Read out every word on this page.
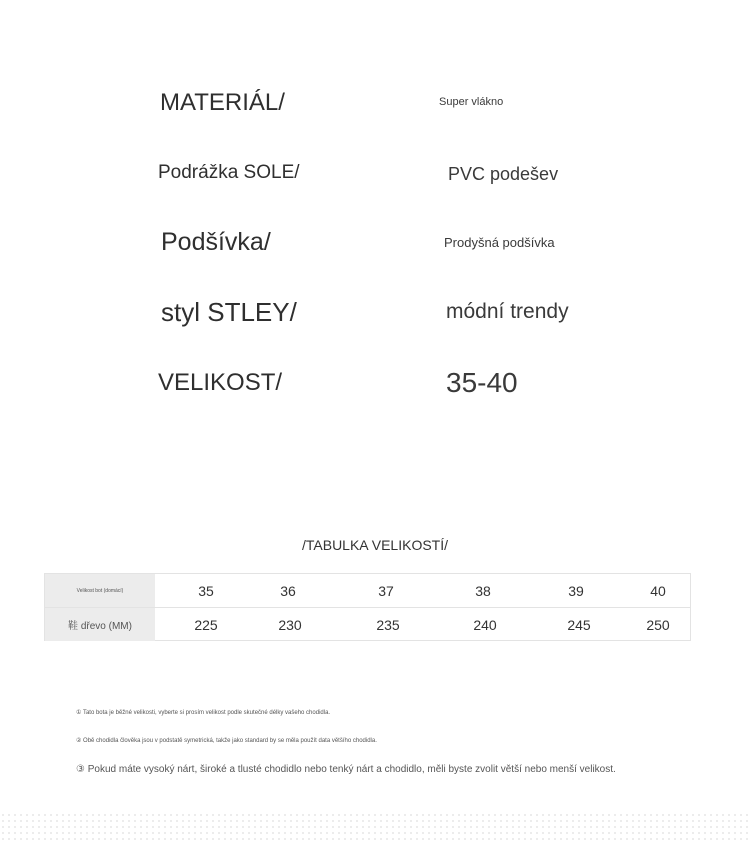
MATERIÁL/	Super vlákno
Podrážka SOLE/	PVC podešev
Podšívka/	Prodyšná podšívka
styl STLEY/	módní trendy
VELIKOST/	35-40
/TABULKA VELIKOSTÍ/
Velikost bot (domácí)	35	36	37	38	39	40
鞋 dřevo (MM)	225	230	235	240	245	250
① Tato bota je běžné velikosti, vyberte si prosím velikost podle skutečné délky vašeho chodidla.
② Obě chodidla člověka jsou v podstatě symetrická, takže jako standard by se měla použít data většího chodidla.
③ Pokud máte vysoký nárt, široké a tlusté chodidlo nebo tenký nárt a chodidlo, měli byste zvolit větší nebo menší velikost.
